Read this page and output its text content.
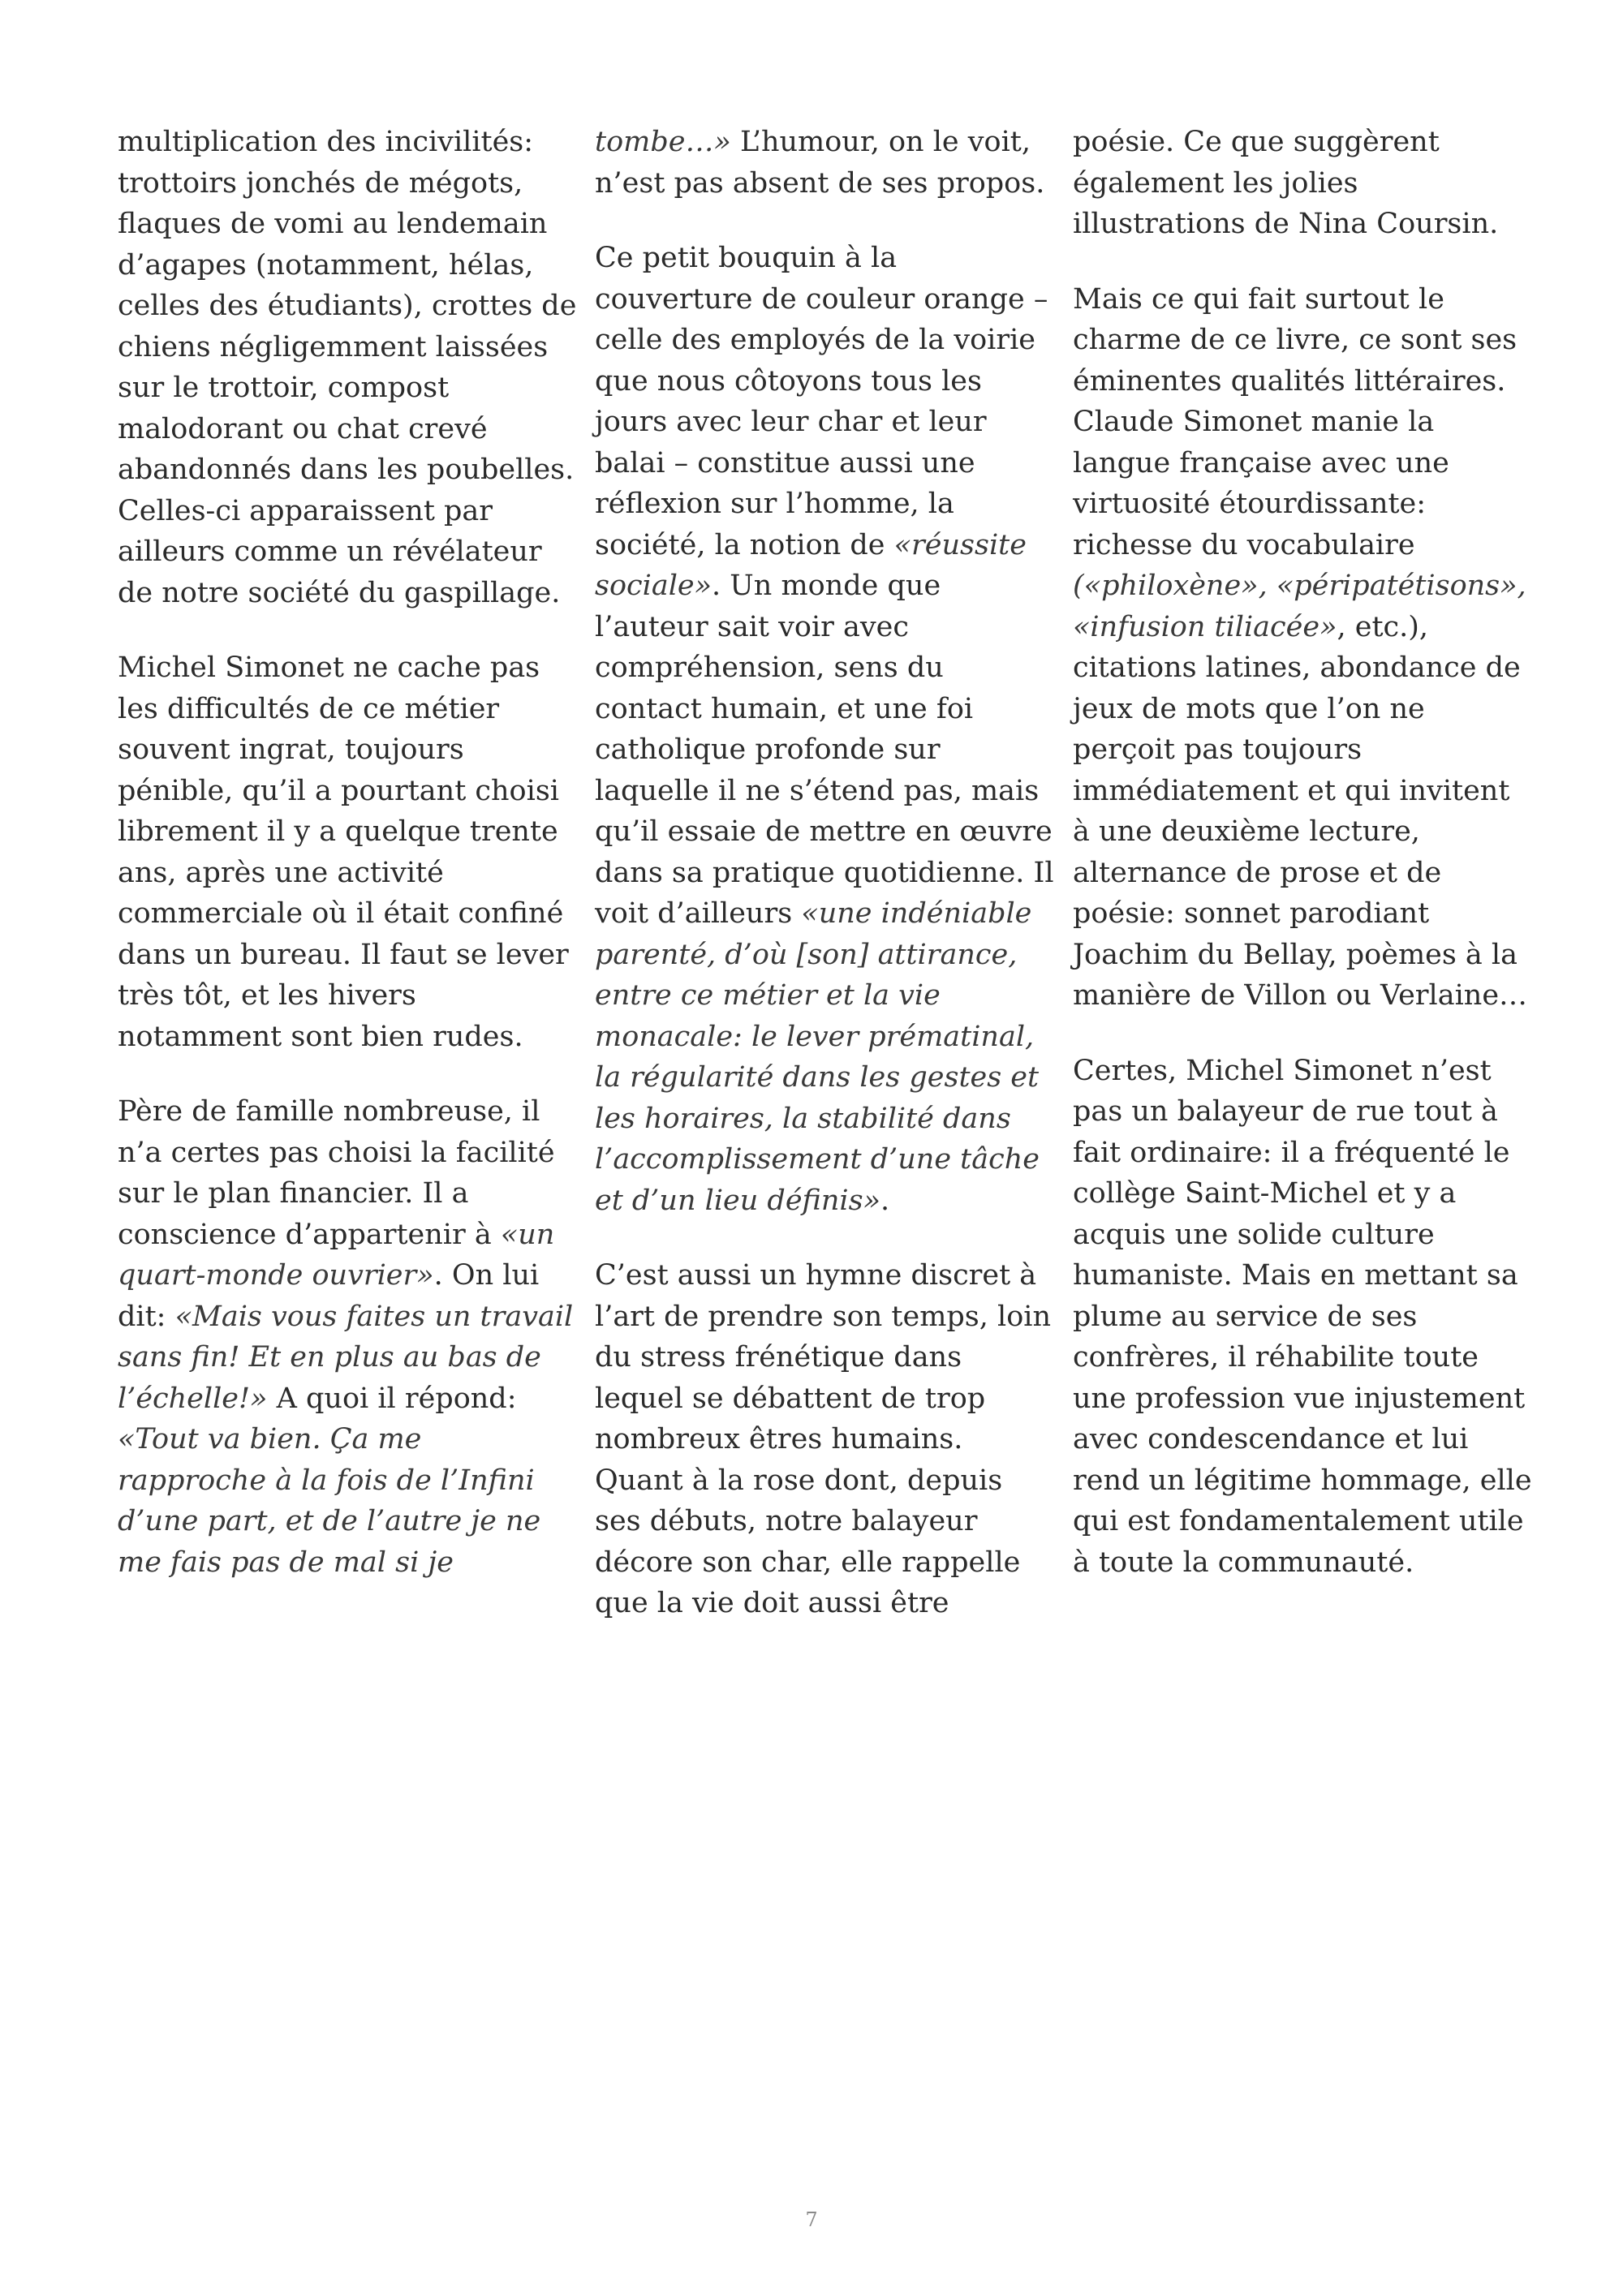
multiplication des incivilités:
trottoirs jonchés de mégots,
flaques de vomi au lendemain
d’agapes (notamment, hélas,
celles des étudiants), crottes de
chiens négligemment laissées
sur le trottoir, compost
malodorant ou chat crevé
abandonnés dans les poubelles.
Celles-ci apparaissent par
ailleurs comme un révélateur
de notre société du gaspillage.

Michel Simonet ne cache pas
les difficultés de ce métier
souvent ingrat, toujours
pénible, qu’il a pourtant choisi
librement il y a quelque trente
ans, après une activité
commerciale où il était confiné
dans un bureau. Il faut se lever
très tôt, et les hivers
notamment sont bien rudes.

Père de famille nombreuse, il
n’a certes pas choisi la facilité
sur le plan financier. Il a
conscience d’appartenir à «un
quart-monde ouvrier». On lui
dit: «Mais vous faites un travail
sans fin! Et en plus au bas de
l’échelle!» A quoi il répond:
«Tout va bien. Ça me
rapproche à la fois de l’Infini
d’une part, et de l’autre je ne
me fais pas de mal si je

tombe…» L’humour, on le voit,
n’est pas absent de ses propos.

Ce petit bouquin à la
couverture de couleur orange –
celle des employés de la voirie
que nous côtoyons tous les
jours avec leur char et leur
balai – constitue aussi une
réflexion sur l’homme, la
société, la notion de «réussite
sociale». Un monde que
l’auteur sait voir avec
compréhension, sens du
contact humain, et une foi
catholique profonde sur
laquelle il ne s’étend pas, mais
qu’il essaie de mettre en œuvre
dans sa pratique quotidienne. Il
voit d’ailleurs «une indéniable
parenté, d’où [son] attirance,
entre ce métier et la vie
monacale: le lever prématinal,
la régularité dans les gestes et
les horaires, la stabilité dans
l’accomplissement d’une tâche
et d’un lieu définis».

C’est aussi un hymne discret à
l’art de prendre son temps, loin
du stress frénétique dans
lequel se débattent de trop
nombreux êtres humains.
Quant à la rose dont, depuis
ses débuts, notre balayeur
décore son char, elle rappelle
que la vie doit aussi être

poésie. Ce que suggèrent
également les jolies
illustrations de Nina Coursin.

Mais ce qui fait surtout le
charme de ce livre, ce sont ses
éminentes qualités littéraires.
Claude Simonet manie la
langue française avec une
virtuosité étourdissante:
richesse du vocabulaire
(«philoxène», «péripatétisons»,
«infusion tiliacée», etc.),
citations latines, abondance de
jeux de mots que l’on ne
perçoit pas toujours
immédiatement et qui invitent
à une deuxième lecture,
alternance de prose et de
poésie: sonnet parodiant
Joachim du Bellay, poèmes à la
manière de Villon ou Verlaine…

Certes, Michel Simonet n’est
pas un balayeur de rue tout à
fait ordinaire: il a fréquenté le
collège Saint-Michel et y a
acquis une solide culture
humaniste. Mais en mettant sa
plume au service de ses
confrères, il réhabilite toute
une profession vue injustement
avec condescendance et lui
rend un légitime hommage, elle
qui est fondamentalement utile
à toute la communauté.

7
